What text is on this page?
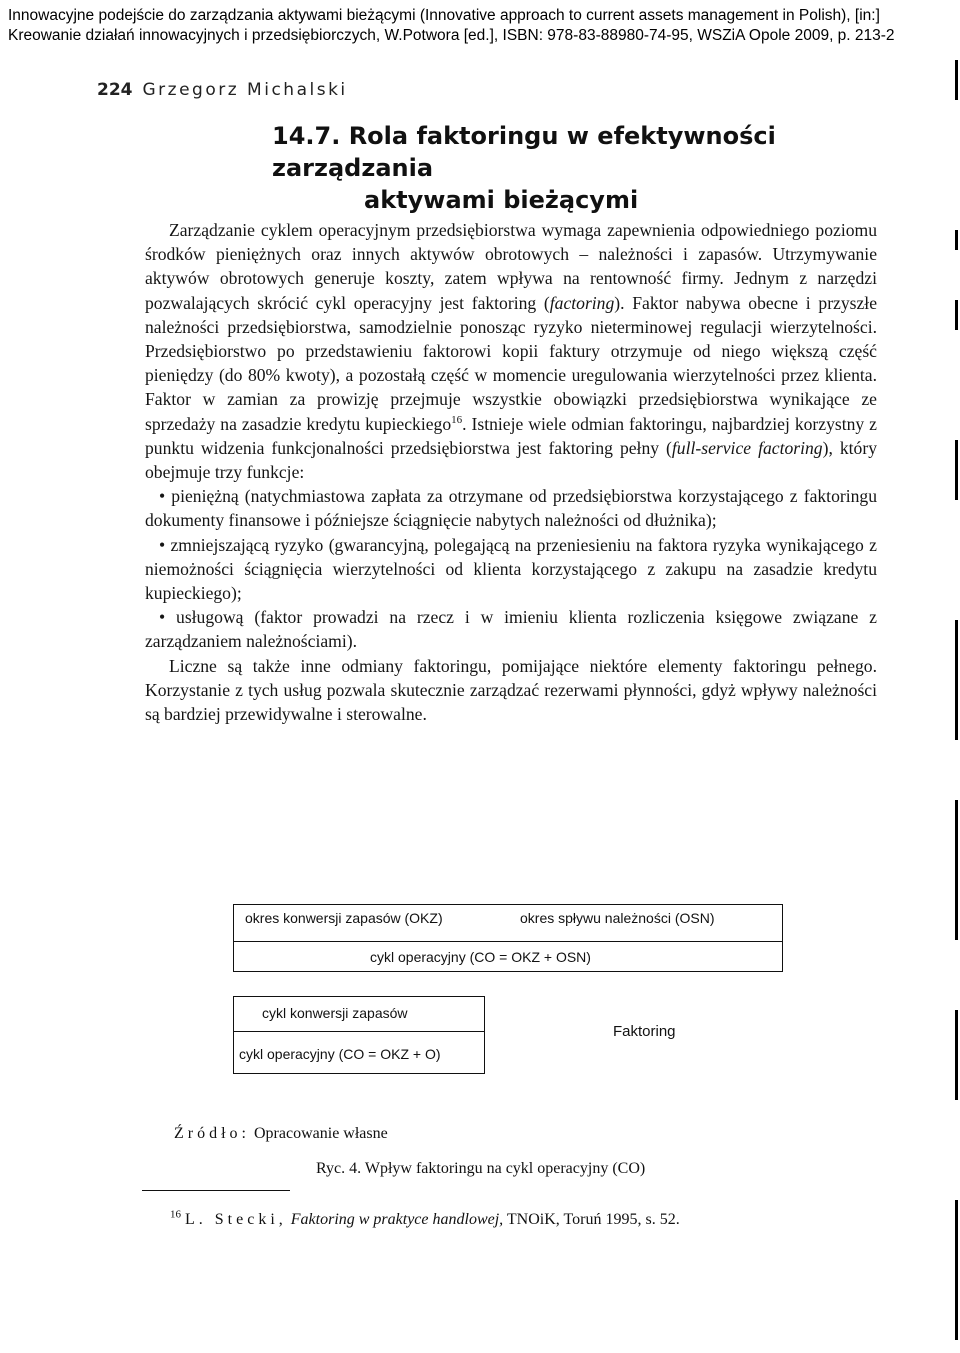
Innowacyjne podejście do zarządzania aktywami bieżącymi (Innovative approach to current assets management in Polish), [in:]
Kreowanie działań innowacyjnych i przedsiębiorczych, W.Potwora [ed.], ISBN: 978-83-88980-74-95, WSZiA Opole 2009, p. 213-2
224 Grzegorz Michalski
14.7. Rola faktoringu w efektywności zarządzania
aktywami bieżącymi

Zarządzanie cyklem operacyjnym przedsiębiorstwa wymaga zapewnienia odpowiedniego poziomu środków pieniężnych oraz innych aktywów obrotowych – należności i zapasów. Utrzymywanie aktywów obrotowych generuje koszty, zatem wpływa na rentowność firmy. Jednym z narzędzi pozwalających skrócić cykl operacyjny jest faktoring (factoring). Faktor nabywa obecne i przyszłe należności przedsiębiorstwa, samodzielnie ponosząc ryzyko nieterminowej regulacji wierzytelności. Przedsiębiorstwo po przedstawieniu faktorowi kopii faktury otrzymuje od niego większą część pieniędzy (do 80% kwoty), a pozostałą część w momencie uregulowania wierzytelności przez klienta. Faktor w zamian za prowizję przejmuje wszystkie obowiązki przedsiębiorstwa wynikające ze sprzedaży na zasadzie kredytu kupieckiego$^{16}$. Istnieje wiele odmian faktoringu, najbardziej korzystny z punktu widzenia funkcjonalności przedsiębiorstwa jest faktoring pełny (full-service factoring), który obejmuje trzy funkcje:

• pieniężną (natychmiastowa zapłata za otrzymane od przedsiębiorstwa korzystającego z faktoringu dokumenty finansowe i późniejsze ściągnięcie nabytych należności od dłużnika);

• zmniejszającą ryzyko (gwarancyjną, polegającą na przeniesieniu na faktora ryzyka wynikającego z niemożności ściągnięcia wierzytelności od klienta korzystającego z zakupu na zasadzie kredytu kupieckiego);

• usługową (faktor prowadzi na rzecz i w imieniu klienta rozliczenia księgowe związane z zarządzaniem należnościami).

Liczne są także inne odmiany faktoringu, pomijające niektóre elementy faktoringu pełnego. Korzystanie z tych usług pozwala skutecznie zarządzać rezerwami płynności, gdyż wpływy należności są bardziej przewidywalne i sterowalne.

okres konwersji zapasów (OKZ)	okres spływu należności (OSN)
cykl operacyjny (CO = OKZ + OSN)
cykl konwersji zapasów
cykl operacyjny (CO = OKZ + O)
Faktoring
Źródło: Opracowanie własne
Ryc. 4. Wpływ faktoringu na cykl operacyjny (CO)
$^{16}$ L. Stecki, Faktoring w praktyce handlowej, TNOiK, Toruń 1995, s. 52.
